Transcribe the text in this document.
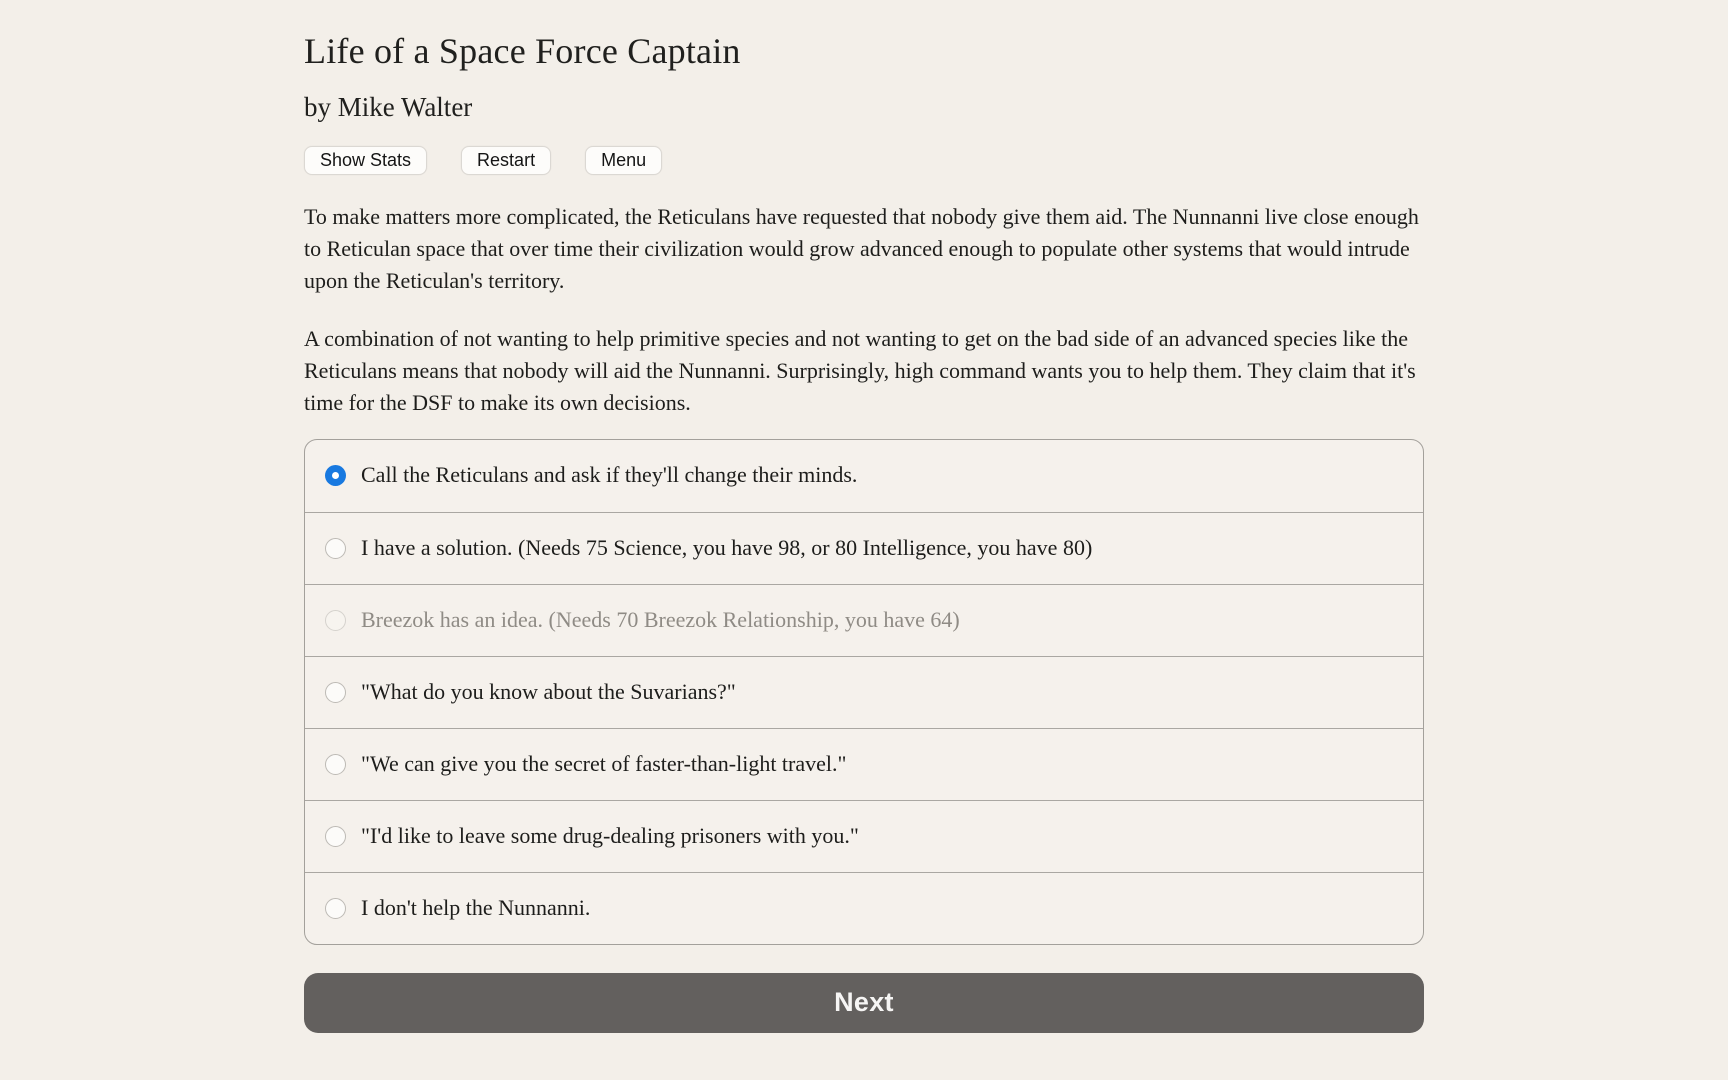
Life of a Space Force Captain
by Mike Walter
Show Stats	Restart	Menu

To make matters more complicated, the Reticulans have requested that nobody give them aid. The Nunnanni live close enough to Reticulan space that over time their civilization would grow advanced enough to populate other systems that would intrude upon the Reticulan's territory.

A combination of not wanting to help primitive species and not wanting to get on the bad side of an advanced species like the Reticulans means that nobody will aid the Nunnanni. Surprisingly, high command wants you to help them. They claim that it's time for the DSF to make its own decisions.

Call the Reticulans and ask if they'll change their minds.
I have a solution. (Needs 75 Science, you have 98, or 80 Intelligence, you have 80)
Breezok has an idea. (Needs 70 Breezok Relationship, you have 64)
"What do you know about the Suvarians?"
"We can give you the secret of faster-than-light travel."
"I'd like to leave some drug-dealing prisoners with you."
I don't help the Nunnanni.
Next
